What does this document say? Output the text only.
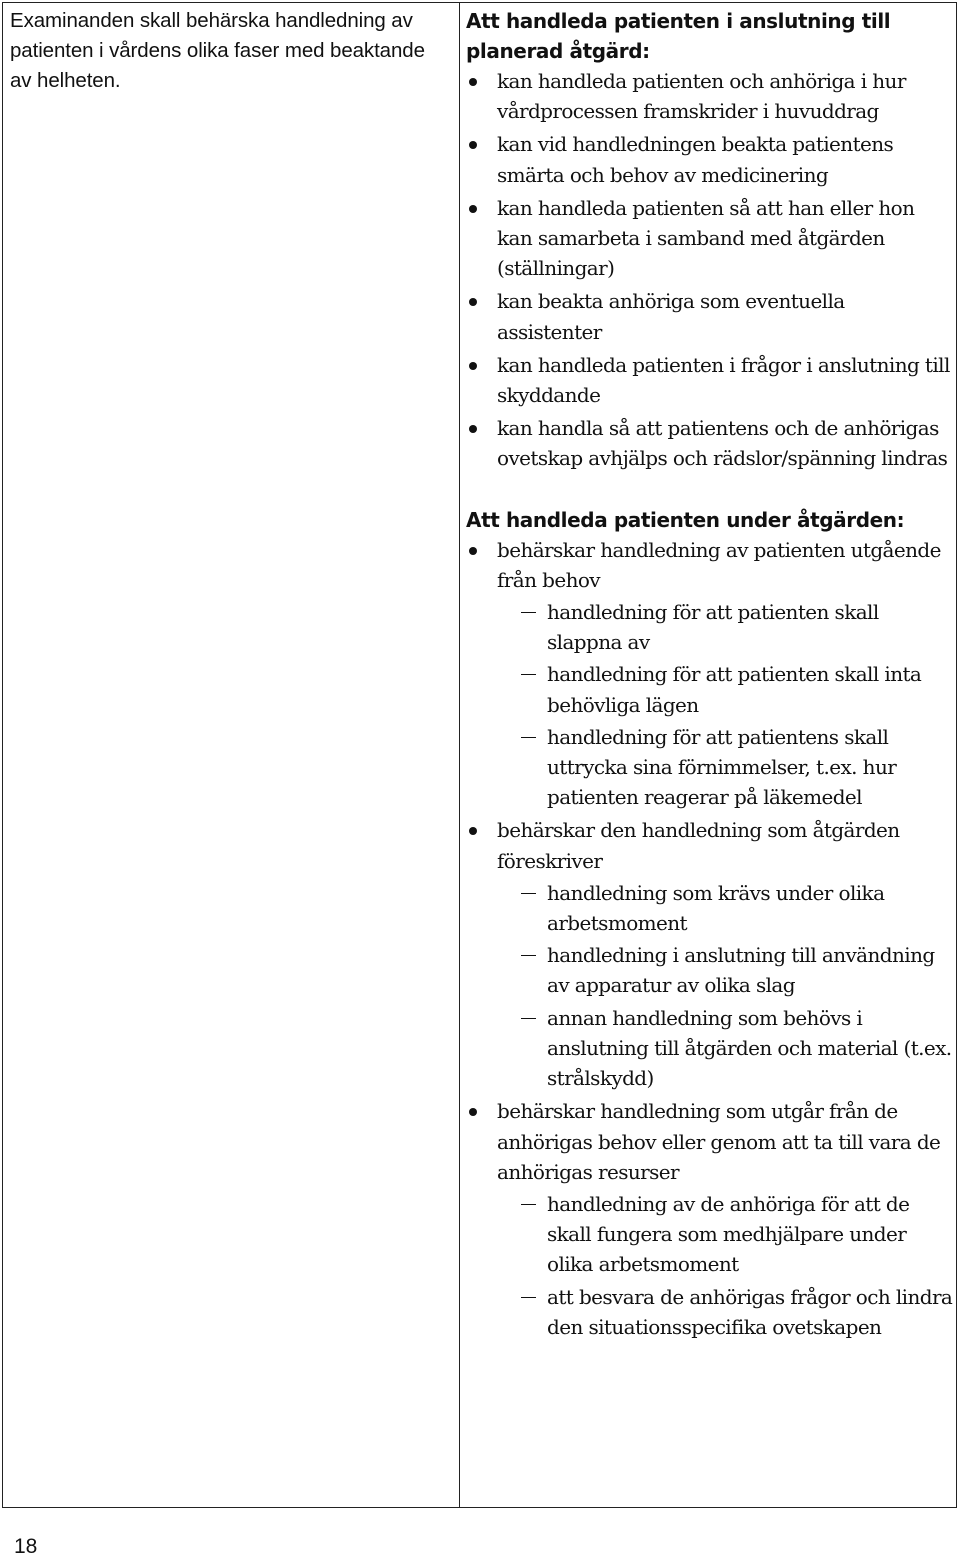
Examinanden skall behärska handledning av patienten i vårdens olika faser med beaktande av helheten.

Att handleda patienten i anslutning till planerad åtgärd:

kan handleda patienten och anhöriga i hur vårdprocessen framskrider i huvuddrag
kan vid handledningen beakta patientens smärta och behov av medicinering
kan handleda patienten så att han eller hon kan samarbeta i samband med åtgärden (ställningar)
kan beakta anhöriga som eventuella assistenter
kan handleda patienten i frågor i anslutning till skyddande
kan handla så att patientens och de anhörigas ovetskap avhjälps och rädslor/spänning lindras

Att handleda patienten under åtgärden:

behärskar handledning av patienten utgående från behov
handledning för att patienten skall slappna av
handledning för att patienten skall inta behövliga lägen
handledning för att patientens skall uttrycka sina förnimmelser, t.ex. hur patienten reagerar på läkemedel
behärskar den handledning som åtgärden föreskriver
handledning som krävs under olika arbetsmoment
handledning i anslutning till användning av apparatur av olika slag
annan handledning som behövs i anslutning till åtgärden och material (t.ex. strålskydd)
behärskar handledning som utgår från de anhörigas behov eller genom att ta till vara de anhörigas resurser
handledning av de anhöriga för att de skall fungera som medhjälpare under olika arbetsmoment
att besvara de anhörigas frågor och lindra den situationsspecifika ovetskapen
18
